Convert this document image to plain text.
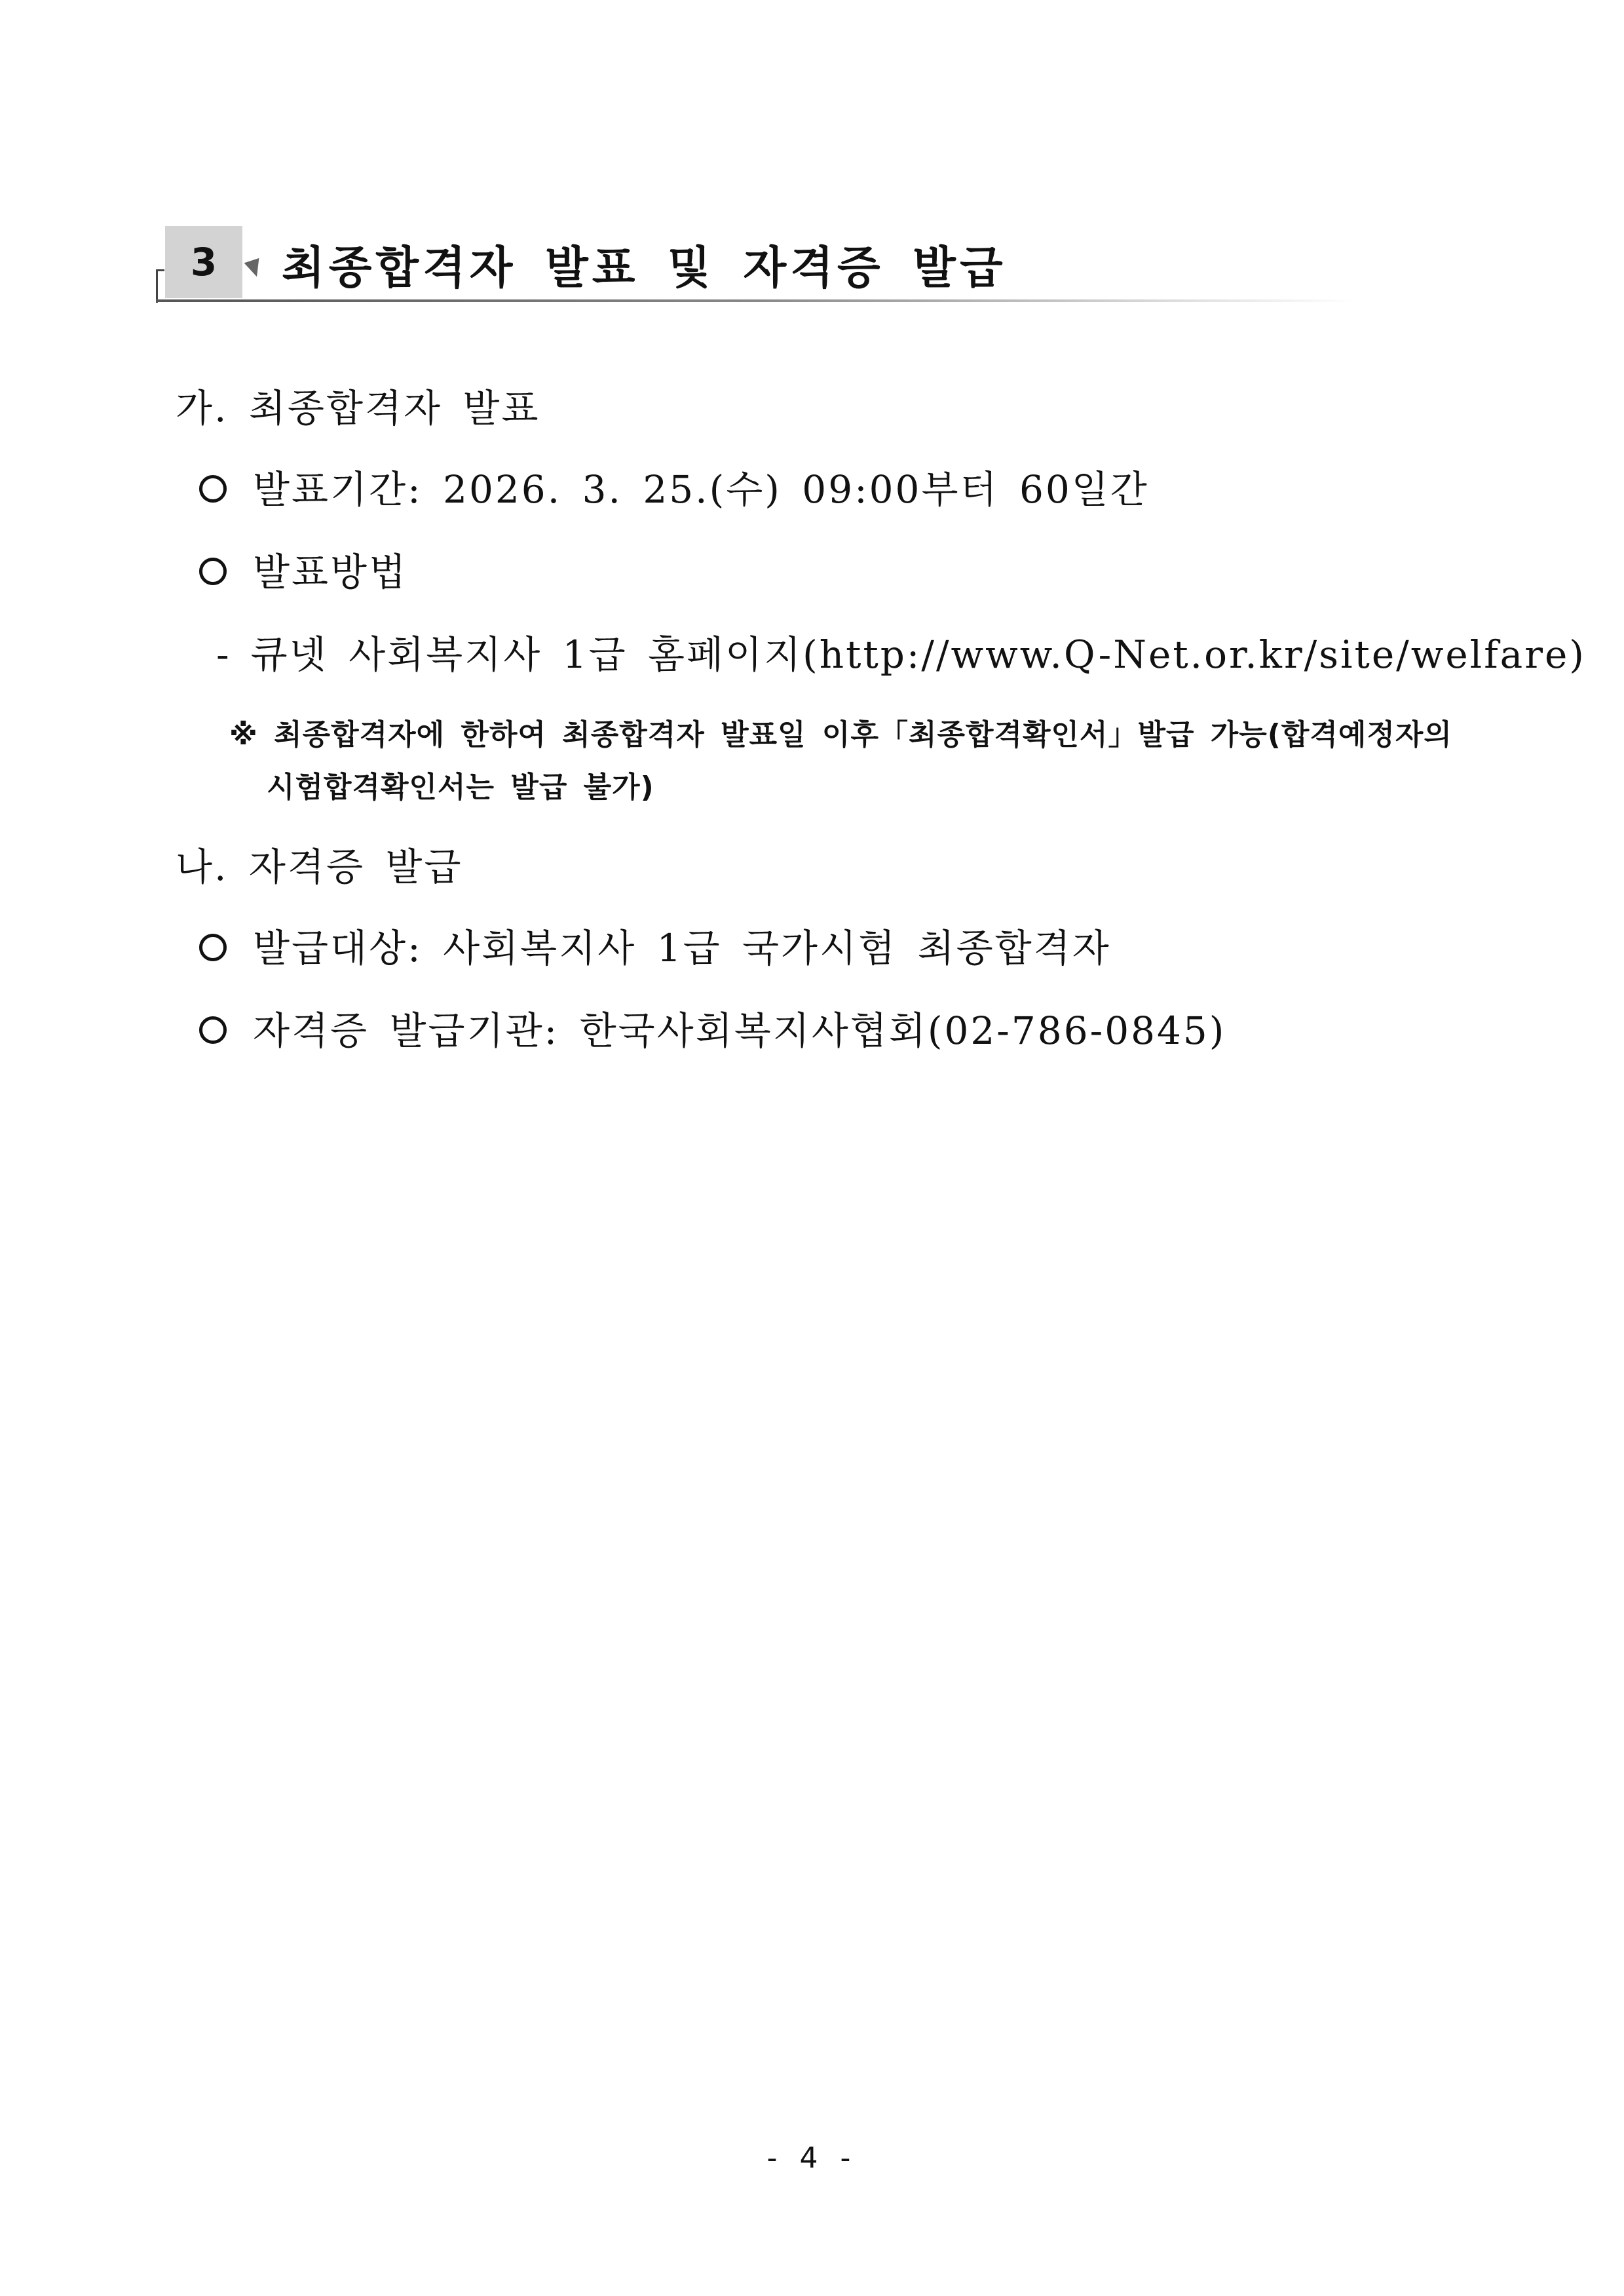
3 최종합격자 발표 및 자격증 발급
가. 최종합격자 발표
발표기간: 2026. 3. 25.(수) 09:00부터 60일간
발표방법
- 큐넷 사회복지사 1급 홈페이지(http://www.Q-Net.or.kr/site/welfare)
※ 최종합격자에 한하여 최종합격자 발표일 이후「최종합격확인서」발급 가능(합격예정자의
시험합격확인서는 발급 불가)
나. 자격증 발급
발급대상: 사회복지사 1급 국가시험 최종합격자
자격증 발급기관: 한국사회복지사협회(02-786-0845)
- 4 -
